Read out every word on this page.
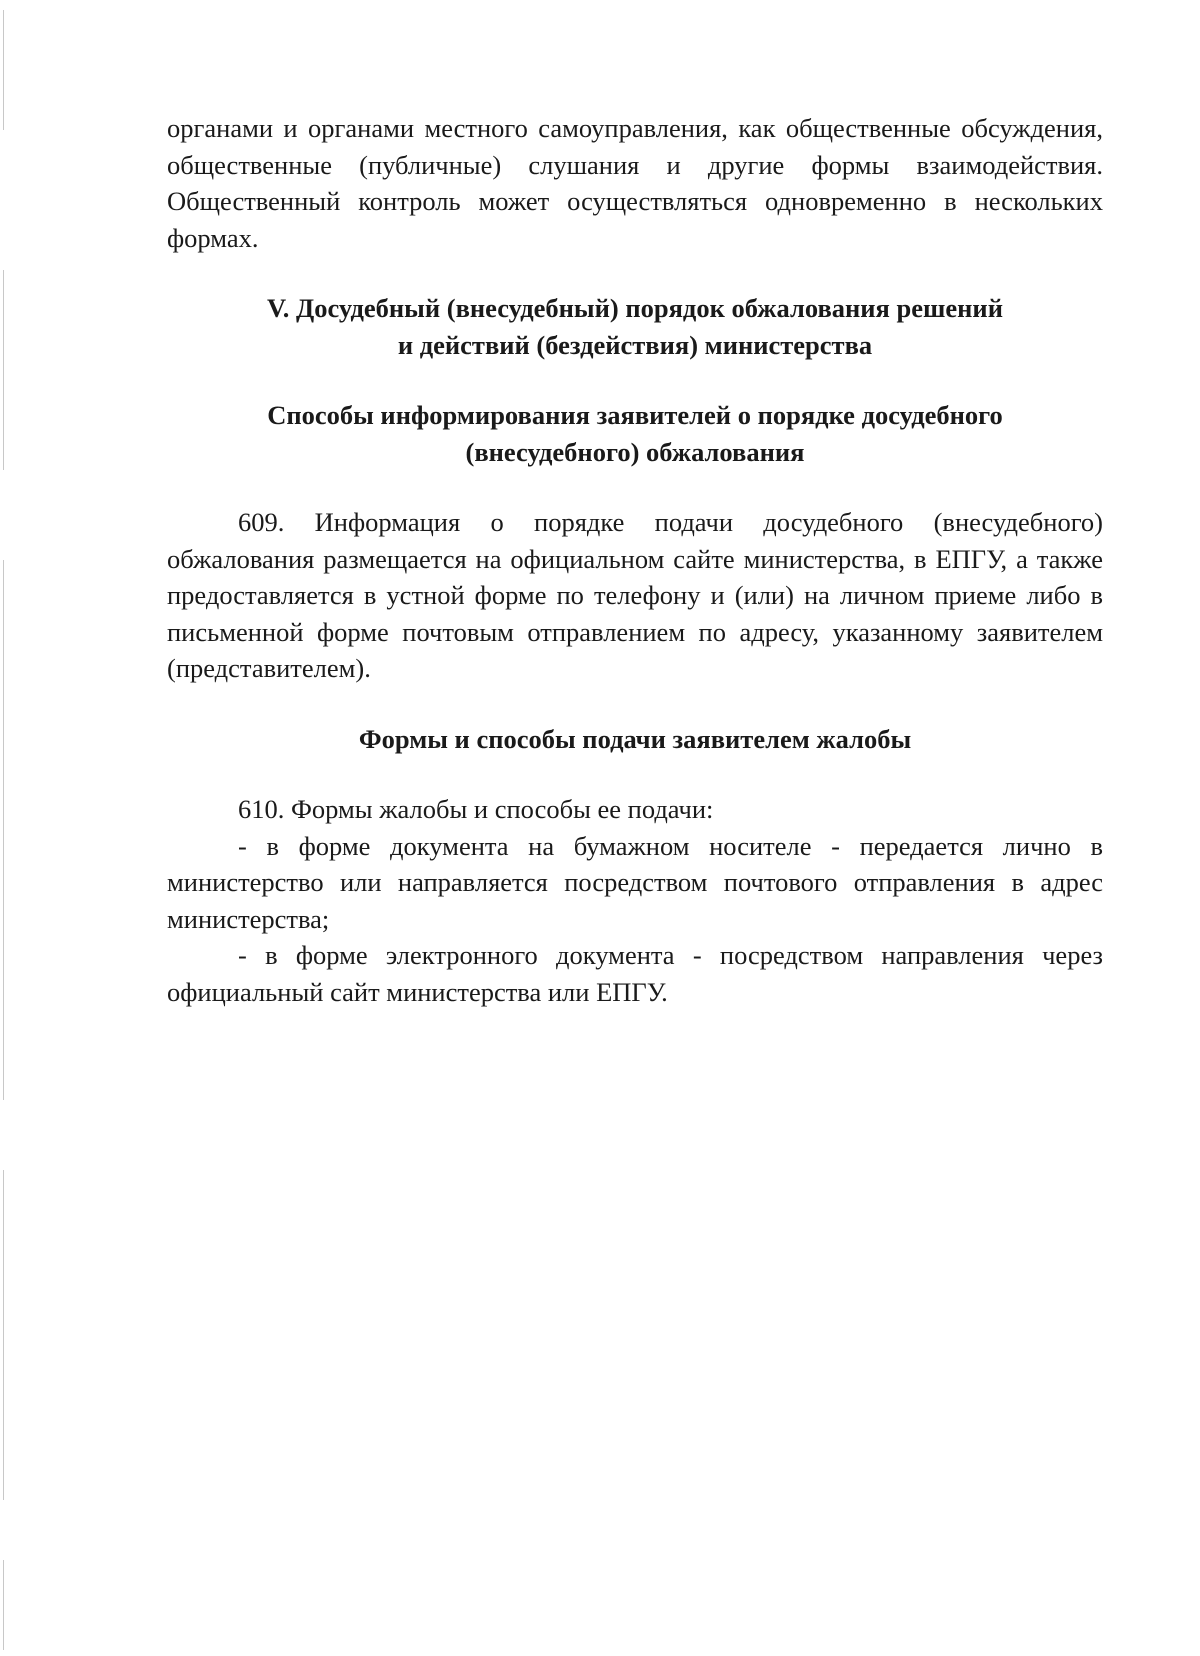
органами и органами местного самоуправления, как общественные обсуждения, общественные (публичные) слушания и другие формы взаимодействия. Общественный контроль может осуществляться одновременно в нескольких формах.

V. Досудебный (внесудебный) порядок обжалования решений
и действий (бездействия) министерства
Способы информирования заявителей о порядке досудебного
(внесудебного) обжалования

609. Информация о порядке подачи досудебного (внесудебного) обжалования размещается на официальном сайте министерства, в ЕПГУ, а также предоставляется в устной форме по телефону и (или) на личном приеме либо в письменной форме почтовым отправлением по адресу, указанному заявителем (представителем).

Формы и способы подачи заявителем жалобы

610. Формы жалобы и способы ее подачи:

- в форме документа на бумажном носителе - передается лично в министерство или направляется посредством почтового отправления в адрес министерства;

- в форме электронного документа - посредством направления через официальный сайт министерства или ЕПГУ.
